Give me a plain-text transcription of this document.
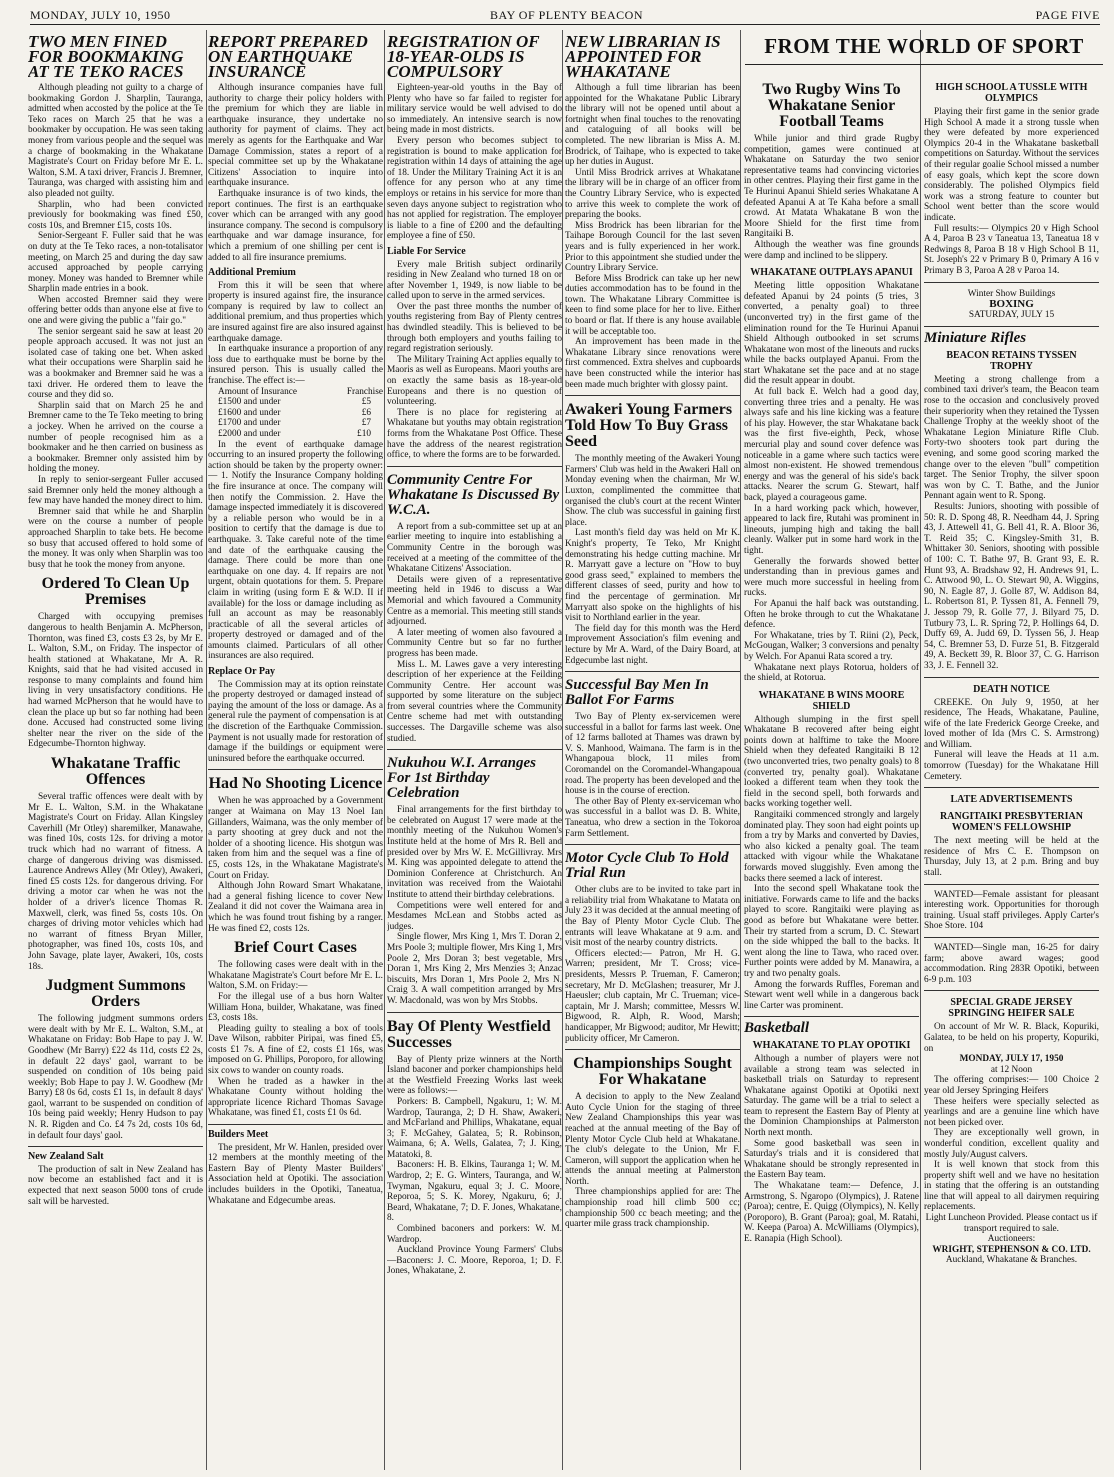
MONDAY, JULY 10, 1950	BAY OF PLENTY BEACON	PAGE FIVE
TWO MEN FINED FOR BOOKMAKING AT TE TEKO RACES

Although pleading not guilty to a charge of bookmaking Gordon J. Sharplin, Tauranga, admitted when accosted by the police at the Te Teko races on March 25 that he was a bookmaker by occupation. He was seen taking money from various people and the sequel was a charge of bookmaking in the Whakatane Magistrate's Court on Friday before Mr E. L. Walton, S.M. A taxi driver, Francis J. Bremner, Tauranga, was charged with assisting him and also pleaded not guilty.

Sharplin, who had been convicted previously for bookmaking was fined £50, costs 10s, and Bremner £15, costs 10s.

Senior-Sergeant F. Fuller said that he was on duty at the Te Teko races, a non-totalisator meeting, on March 25 and during the day saw accused approached by people carrying money. Money was handed to Bremner while Sharplin made entries in a book.

When accosted Bremner said they were offering better odds than anyone else at five to one and were giving the public a "fair go."

The senior sergeant said he saw at least 20 people approach accused. It was not just an isolated case of taking one bet. When asked what their occupations were Sharplin said he was a bookmaker and Bremner said he was a taxi driver. He ordered them to leave the course and they did so.

Sharplin said that on March 25 he and Bremner came to the Te Teko meeting to bring a jockey. When he arrived on the course a number of people recognised him as a bookmaker and he then carried on business as a bookmaker. Bremner only assisted him by holding the money.

In reply to senior-sergeant Fuller accused said Bremner only held the money although a few may have handed the money direct to him.

Bremner said that while he and Sharplin were on the course a number of people approached Sharplin to take bets. He become so busy that accused offered to hold some of the money. It was only when Sharplin was too busy that he took the money from anyone.

Ordered To Clean Up Premises

Charged with occupying premises dangerous to health Benjamin A. McPherson, Thornton, was fined £3, costs £3 2s, by Mr E. L. Walton, S.M., on Friday. The inspector of health stationed at Whakatane, Mr A. R. Knights, said that he had visited accused in response to many complaints and found him living in very unsatisfactory conditions. He had warned McPherson that he would have to clean the place up but so far nothing had been done. Accused had constructed some living shelter near the river on the side of the Edgecumbe-Thornton highway.

Whakatane Traffic Offences

Several traffic offences were dealt with by Mr E. L. Walton, S.M. in the Whakatane Magistrate's Court on Friday. Allan Kingsley Caverhill (Mr Otley) sharemilker, Manawahe, was fined 10s, costs 12s. for driving a motor truck which had no warrant of fitness. A charge of dangerous driving was dismissed. Laurence Andrews Alley (Mr Otley), Awakeri, fined £5 costs 12s. for dangerous driving. For driving a motor car when he was not the holder of a driver's licence Thomas R. Maxwell, clerk, was fined 5s, costs 10s. On charges of driving motor vehicles which had no warrant of fitness Bryan Miller, photographer, was fined 10s, costs 10s, and John Savage, plate layer, Awakeri, 10s, costs 18s.

Judgment Summons Orders

The following judgment summons orders were dealt with by Mr E. L. Walton, S.M., at Whakatane on Friday: Bob Hape to pay J. W. Goodhew (Mr Barry) £22 4s 11d, costs £2 2s, in default 22 days' gaol, warrant to be suspended on condition of 10s being paid weekly; Bob Hape to pay J. W. Goodhew (Mr Barry) £8 0s 6d, costs £1 1s, in default 8 days' gaol, warrant to be suspended on condition of 10s being paid weekly; Henry Hudson to pay N. R. Rigden and Co. £4 7s 2d, costs 10s 6d, in default four days' gaol.

New Zealand Salt

The production of salt in New Zealand has now become an established fact and it is expected that next season 5000 tons of crude salt will be harvested.

REPORT PREPARED ON EARTHQUAKE INSURANCE

Although insurance companies have full authority to charge their policy holders with the premium for which they are liable in earthquake insurance, they undertake no authority for payment of claims. They act merely as agents for the Earthquake and War Damage Commission, states a report of a special committee set up by the Whakatane Citizens' Association to inquire into earthquake insurance.

Earthquake insurance is of two kinds, the report continues. The first is an earthquake cover which can be arranged with any good insurance company. The second is compulsory earthquake and war damage insurance, for which a premium of one shilling per cent is added to all fire insurance premiums.

Additional Premium

From this it will be seen that where property is insured against fire, the insurance company is required by law to collect an additional premium, and thus properties which are insured against fire are also insured against earthquake damage.

In earthquake insurance a proportion of any loss due to earthquake must be borne by the insured person. This is usually called the franchise. The effect is:—

Amount of Insurance	Franchise
£1500 and under	£5
£1600 and under	£6
£1700 and under	£7
£2000 and under	£10

In the event of earthquake damage occurring to an insured property the following action should be taken by the property owner:— 1. Notify the Insurance Company holding the fire insurance at once. The company will then notify the Commission. 2. Have the damage inspected immediately it is discovered by a reliable person who would be in a position to certify that the damage is due to earthquake. 3. Take careful note of the time and date of the earthquake causing the damage. There could be more than one earthquake on one day. 4. If repairs are not urgent, obtain quotations for them. 5. Prepare claim in writing (using form E & W.D. II if available) for the loss or damage including as full an account as may be reasonably practicable of all the several articles of property destroyed or damaged and of the amounts claimed. Particulars of all other insurances are also required.

Replace Or Pay

The Commission may at its option reinstate the property destroyed or damaged instead of paying the amount of the loss or damage. As a general rule the payment of compensation is at the discretion of the Earthquake Commission. Payment is not usually made for restoration of damage if the buildings or equipment were uninsured before the earthquake occurred.

Had No Shooting Licence

When he was approached by a Government ranger at Waimana on May 13 Noel Ian Gillanders, Waimana, was the only member of a party shooting at grey duck and not the holder of a shooting licence. His shotgun was taken from him and the sequel was a fine of £5, costs 12s, in the Whakatane Magistrate's Court on Friday.

Although John Roward Smart Whakatane, had a general fishing licence to cover New Zealand it did not cover the Waimana area in which he was found trout fishing by a ranger. He was fined £2, costs 12s.

Brief Court Cases

The following cases were dealt with in the Whakatane Magistrate's Court before Mr E. L. Walton, S.M. on Friday:—

For the illegal use of a bus horn Walter William Hona, builder, Whakatane, was fined £3, costs 18s.

Pleading guilty to stealing a box of tools Dave Wilson, rabbiter Piripai, was fined £5, costs £1 7s. A fine of £2, costs £1 16s, was imposed on G. Phillips, Poroporo, for allowing six cows to wander on county roads.

When he traded as a hawker in the Whakatane County without holding the appropriate licence Richard Thomas Savage Whakatane, was fined £1, costs £1 0s 6d.

Builders Meet

The president, Mr W. Hanlen, presided over 12 members at the monthly meeting of the Eastern Bay of Plenty Master Builders' Association held at Opotiki. The association includes builders in the Opotiki, Taneatua, Whakatane and Edgecumbe areas.

REGISTRATION OF 18-YEAR-OLDS IS COMPULSORY

Eighteen-year-old youths in the Bay of Plenty who have so far failed to register for military service would be well advised to do so immediately. An intensive search is now being made in most districts.

Every person who becomes subject to registration is bound to make application for registration within 14 days of attaining the age of 18. Under the Military Training Act it is an offence for any person who at any time employs or retains in his service for more than seven days anyone subject to registration who has not applied for registration. The employer is liable to a fine of £200 and the defaulting employee a fine of £50.

Liable For Service

Every male British subject ordinarily residing in New Zealand who turned 18 on or after November 1, 1949, is now liable to be called upon to serve in the armed services.

Over the past three months the number of youths registering from Bay of Plenty centres has dwindled steadily. This is believed to be through both employers and youths failing to regard registration seriously.

The Military Training Act applies equally to Maoris as well as Europeans. Maori youths are on exactly the same basis as 18-year-old Europeans and there is no question of volunteering.

There is no place for registering at Whakatane but youths may obtain registration forms from the Whakatane Post Office. These have the address of the nearest registration office, to where the forms are to be forwarded.

Community Centre For Whakatane Is Discussed By W.C.A.

A report from a sub-committee set up at an earlier meeting to inquire into establishing a Community Centre in the borough was received at a meeting of the committee of the Whakatane Citizens' Association.

Details were given of a representative meeting held in 1946 to discuss a War Memorial and which favoured a Community Centre as a memorial. This meeting still stands adjourned.

A later meeting of women also favoured a Community Centre but so far no further progress has been made.

Miss L. M. Lawes gave a very interesting description of her experience at the Feilding Community Centre. Her account was supported by some literature on the subject from several countries where the Community Centre scheme had met with outstanding successes. The Dargaville scheme was also studied.

Nukuhou W.I. Arranges For 1st Birthday Celebration

Final arrangements for the first birthday to be celebrated on August 17 were made at the monthly meeting of the Nukuhou Women's Institute held at the home of Mrs R. Bell and presided over by Mrs W. E. McGillivray. Mrs M. King was appointed delegate to attend the Dominion Conference at Christchurch. An invitation was received from the Waiotahi Institute to attend their birthday celebrations.

Competitions were well entered for and Mesdames McLean and Stobbs acted as judges.

Single flower, Mrs King 1, Mrs T. Doran 2, Mrs Poole 3; multiple flower, Mrs King 1, Mrs Poole 2, Mrs Doran 3; best vegetable, Mrs Doran 1, Mrs King 2, Mrs Menzies 3; Anzac biscuits, Mrs Doran 1, Mrs Poole 2, Mrs N. Craig 3. A wall competition arranged by Mrs W. Macdonald, was won by Mrs Stobbs.

Bay Of Plenty Westfield Successes

Bay of Plenty prize winners at the North Island baconer and porker championships held at the Westfield Freezing Works last week were as follows:—

Porkers: B. Campbell, Ngakuru, 1; W. M. Wardrop, Tauranga, 2; D H. Shaw, Awakeri, and McFarland and Phillips, Whakatane, equal 3; F. McGahey, Galatea, 5; R. Robinson, Waimana, 6; A. Wells, Galatea, 7; J. King, Matatoki, 8.

Baconers: H. B. Elkins, Tauranga 1; W. M. Wardrop, 2; E. G. Winters, Tauranga, and W. Twyman, Ngakuru, equal 3; J. C. Moore, Reporoa, 5; S. K. Morey, Ngakuru, 6; J. Beard, Whakatane, 7; D. F. Jones, Whakatane, 8.

Combined baconers and porkers: W. M. Wardrop.

Auckland Province Young Farmers' Clubs—Baconers: J. C. Moore, Reporoa, 1; D. F. Jones, Whakatane, 2.

NEW LIBRARIAN IS APPOINTED FOR WHAKATANE

Although a full time librarian has been appointed for the Whakatane Public Library the library will not be opened until about a fortnight when final touches to the renovating and cataloguing of all books will be completed. The new librarian is Miss A. M. Brodrick, of Taihape, who is expected to take up her duties in August.

Until Miss Brodrick arrives at Whakatane the library will be in charge of an officer from the Country Library Service, who is expected to arrive this week to complete the work of preparing the books.

Miss Brodrick has been librarian for the Taihape Borough Council for the last seven years and is fully experienced in her work. Prior to this appointment she studied under the Country Library Service.

Before Miss Brodrick can take up her new duties accommodation has to be found in the town. The Whakatane Library Committee is keen to find some place for her to live. Either to board or flat. If there is any house available it will be acceptable too.

An improvement has been made in the Whakatane Library since renovations were first commenced. Extra shelves and cupboards have been constructed while the interior has been made much brighter with glossy paint.

Awakeri Young Farmers Told How To Buy Grass Seed

The monthly meeting of the Awakeri Young Farmers' Club was held in the Awakeri Hall on Monday evening when the chairman, Mr W. Luxton, complimented the committee that organised the club's court at the recent Winter Show. The club was successful in gaining first place.

Last month's field day was held on Mr K. Knight's property, Te Teko, Mr Knight demonstrating his hedge cutting machine. Mr R. Marryatt gave a lecture on "How to buy good grass seed," explained to members the different classes of seed, purity and how to find the percentage of germination. Mr Marryatt also spoke on the highlights of his visit to Northland earlier in the year.

The field day for this month was the Herd Improvement Association's film evening and lecture by Mr A. Ward, of the Dairy Board, at Edgecumbe last night.

Successful Bay Men In Ballot For Farms

Two Bay of Plenty ex-servicemen were successful in a ballot for farms last week. One of 12 farms balloted at Thames was drawn by V. S. Manhood, Waimana. The farm is in the Whangapoua block, 11 miles from Coromandel on the Coromandel-Whangapoua road. The property has been developed and the house is in the course of erection.

The other Bay of Plenty ex-serviceman who was successful in a ballot was D. B. White, Taneatua, who drew a section in the Tokoroa Farm Settlement.

Motor Cycle Club To Hold Trial Run

Other clubs are to be invited to take part in a reliability trial from Whakatane to Matata on July 23 it was decided at the annual meeting of the Bay of Plenty Motor Cycle Club. The entrants will leave Whakatane at 9 a.m. and visit most of the nearby country districts.

Officers elected:— Patron, Mr H. G. Warren; president, Mr T. Cross; vice-presidents, Messrs P. Trueman, F. Cameron; secretary, Mr D. McGlashen; treasurer, Mr J. Haeusler; club captain, Mr C. Trueman; vice-captain, Mr J. Marsh; committee, Messrs W. Bigwood, R. Alph, R. Wood, Marsh; handicapper, Mr Bigwood; auditor, Mr Hewitt; publicity officer, Mr Cameron.

Championships Sought For Whakatane

A decision to apply to the New Zealand Auto Cycle Union for the staging of three New Zealand Championships this year was reached at the annual meeting of the Bay of Plenty Motor Cycle Club held at Whakatane. The club's delegate to the Union, Mr F. Cameron, will support the application when he attends the annual meeting at Palmerston North.

Three championships applied for are: The championship road hill climb 500 cc; championship 500 cc beach meeting; and the quarter mile grass track championship.

FROM THE WORLD OF SPORT
Two Rugby Wins To Whakatane Senior Football Teams

While junior and third grade Rugby competition, games were continued at Whakatane on Saturday the two senior representative teams had convincing victories in other centres. Playing their first game in the Te Hurinui Apanui Shield series Whakatane A defeated Apanui A at Te Kaha before a small crowd. At Matata Whakatane B won the Moore Shield for the first time from Rangitaiki B.

Although the weather was fine grounds were damp and inclined to be slippery.

WHAKATANE OUTPLAYS APANUI

Meeting little opposition Whakatane defeated Apanui by 24 points (5 tries, 3 converted, a penalty goal) to three (unconverted try) in the first game of the elimination round for the Te Hurinui Apanui Shield Although outbooked in set scrums Whakatane won most of the lineouts and rucks while the backs outplayed Apanui. From the start Whakatane set the pace and at no stage did the result appear in doubt.

At full back E. Welch had a good day, converting three tries and a penalty. He was always safe and his line kicking was a feature of his play. However, the star Whakatane back was the first five-eighth, Peck, whose mercurial play and sound cover defence was noticeable in a game where such tactics were almost non-existent. He showed tremendous energy and was the general of his side's back attacks. Nearer the scrum G. Stewart, half back, played a courageous game.

In a hard working pack which, however, appeared to lack fire, Rutahi was prominent in lineouts, jumping high and taking the ball cleanly. Walker put in some hard work in the tight.

Generally the forwards showed better understanding than in previous games and were much more successful in heeling from rucks.

For Apanui the half back was outstanding. Often he broke through to cut the Whakatane defence.

For Whakatane, tries by T. Riini (2), Peck, McGougan, Walker; 3 conversions and penalty by Welch. For Apanui Rata scored a try.

Whakatane next plays Rotorua, holders of the shield, at Rotorua.

WHAKATANE B WINS MOORE SHIELD

Although slumping in the first spell Whakatane B recovered after being eight points down at halftime to take the Moore Shield when they defeated Rangitaiki B 12 (two unconverted tries, two penalty goals) to 8 (converted try, penalty goal). Whakatane looked a different team when they took the field in the second spell, both forwards and backs working together well.

Rangitaiki commenced strongly and largely dominated play. They soon had eight points up from a try by Marks and converted by Davies, who also kicked a penalty goal. The team attacked with vigour while the Whakatane forwards moved sluggishly. Even among the backs there seemed a lack of interest.

Into the second spell Whakatane took the initiative. Forwards came to life and the backs played to score. Rangitaiki were playing as good as before but Whakatane were better. Their try started from a scrum, D. C. Stewart on the side whipped the ball to the backs. It went along the line to Tawa, who raced over. Further points were added by M. Manawira, a try and two penalty goals.

Among the forwards Ruffles, Foreman and Stewart went well while in a dangerous back line Carter was prominent.

Basketball
WHAKATANE TO PLAY OPOTIKI

Although a number of players were not available a strong team was selected in basketball trials on Saturday to represent Whakatane against Opotiki at Opotiki next Saturday. The game will be a trial to select a team to represent the Eastern Bay of Plenty at the Dominion Championships at Palmerston North next month.

Some good basketball was seen in Saturday's trials and it is considered that Whakatane should be strongly represented in the Eastern Bay team.

The Whakatane team:— Defence, J. Armstrong, S. Ngaropo (Olympics), J. Ratene (Paroa); centre, E. Quigg (Olympics), N. Kelly (Poroporo), B. Grant (Paroa); goal, M. Ratahi, W. Keepa (Paroa) A. McWilliams (Olympics), E. Ranapia (High School).

HIGH SCHOOL A TUSSLE WITH OLYMPICS

Playing their first game in the senior grade High School A made it a strong tussle when they were defeated by more experienced Olympics 20-4 in the Whakatane basketball competitions on Saturday. Without the services of their regular goalie School missed a number of easy goals, which kept the score down considerably. The polished Olympics field work was a strong feature to counter but School went better than the score would indicate.

Full results:— Olympics 20 v High School A 4, Paroa B 23 v Taneatua 13, Taneatua 18 v Redwings 8, Paroa B 18 v High School B 11, St. Joseph's 22 v Primary B 0, Primary A 16 v Primary B 3, Paroa A 28 v Paroa 14.

Winter Show Buildings
BOXING
SATURDAY, JULY 15
Miniature Rifles
BEACON RETAINS TYSSEN TROPHY

Meeting a strong challenge from a combined taxi driver's team, the Beacon team rose to the occasion and conclusively proved their superiority when they retained the Tyssen Challenge Trophy at the weekly shoot of the Whakatane Legion Miniature Rifle Club. Forty-two shooters took part during the evening, and some good scoring marked the change over to the eleven "bull" competition target. The Senior Trophy, the silver spoon was won by C. T. Bathe, and the Junior Pennant again went to R. Spong.

Results: Juniors, shooting with possible of 50: R. D. Spong 48, R. Needham 44, J. Spring 43, J. Attewell 41, G. Bell 41, R. A. Bloor 36, T. Reid 35; C. Kingsley-Smith 31, B. Whittaker 30. Seniors, shooting with possible of 100: C. T. Bathe 97, B. Grant 93, E. R. Hunt 93, A. Bradshaw 92, H. Andrews 91, L. C. Attwood 90, L. O. Stewart 90, A. Wiggins, 90, N. Eagle 87, J. Golle 87, W. Addison 84, L. Robertson 81, P. Tyssen 81, A. Fennell 79, J. Jessop 79, R. Golle 77, J. Bilyard 75, D. Tutbury 73, L. R. Spring 72, P. Hollings 64, D. Duffy 69, A. Judd 69, D. Tyssen 56, J. Heap 54, C. Bremner 53, D. Furze 51, B. Fitzgerald 49, A. Beckett 39, R. Bloor 37, C. G. Harrison 33, J. E. Fennell 32.

DEATH NOTICE

CREEKE. On July 9, 1950, at her residence, The Heads, Whakatane, Pauline, wife of the late Frederick George Creeke, and loved mother of Ida (Mrs C. S. Armstrong) and William.

Funeral will leave the Heads at 11 a.m. tomorrow (Tuesday) for the Whakatane Hill Cemetery.

LATE ADVERTISEMENTS
RANGITAIKI PRESBYTERIAN WOMEN'S FELLOWSHIP

The next meeting will be held at the residence of Mrs C. E. Thompson on Thursday, July 13, at 2 p.m. Bring and buy stall.

WANTED—Female assistant for pleasant interesting work. Opportunities for thorough training. Usual staff privileges. Apply Carter's Shoe Store. 104

WANTED—Single man, 16-25 for dairy farm; above award wages; good accommodation. Ring 283R Opotiki, between 6-9 p.m. 103

SPECIAL GRADE JERSEY SPRINGING HEIFER SALE

On account of Mr W. R. Black, Kopuriki, Galatea, to be held on his property, Kopuriki, on

MONDAY, JULY 17, 1950
at 12 Noon

The offering comprises:— 100 Choice 2 year old Jersey Springing Heifers

These heifers were specially selected as yearlings and are a genuine line which have not been picked over.

They are exceptionally well grown, in wonderful condition, excellent quality and mostly July/August calvers.

It is well known that stock from this property shift well and we have no hesitation in stating that the offering is an outstanding line that will appeal to all dairymen requiring replacements.

Light Luncheon Provided. Please contact us if transport required to sale.

Auctioneers:
WRIGHT, STEPHENSON & CO. LTD.
Auckland, Whakatane & Branches.
